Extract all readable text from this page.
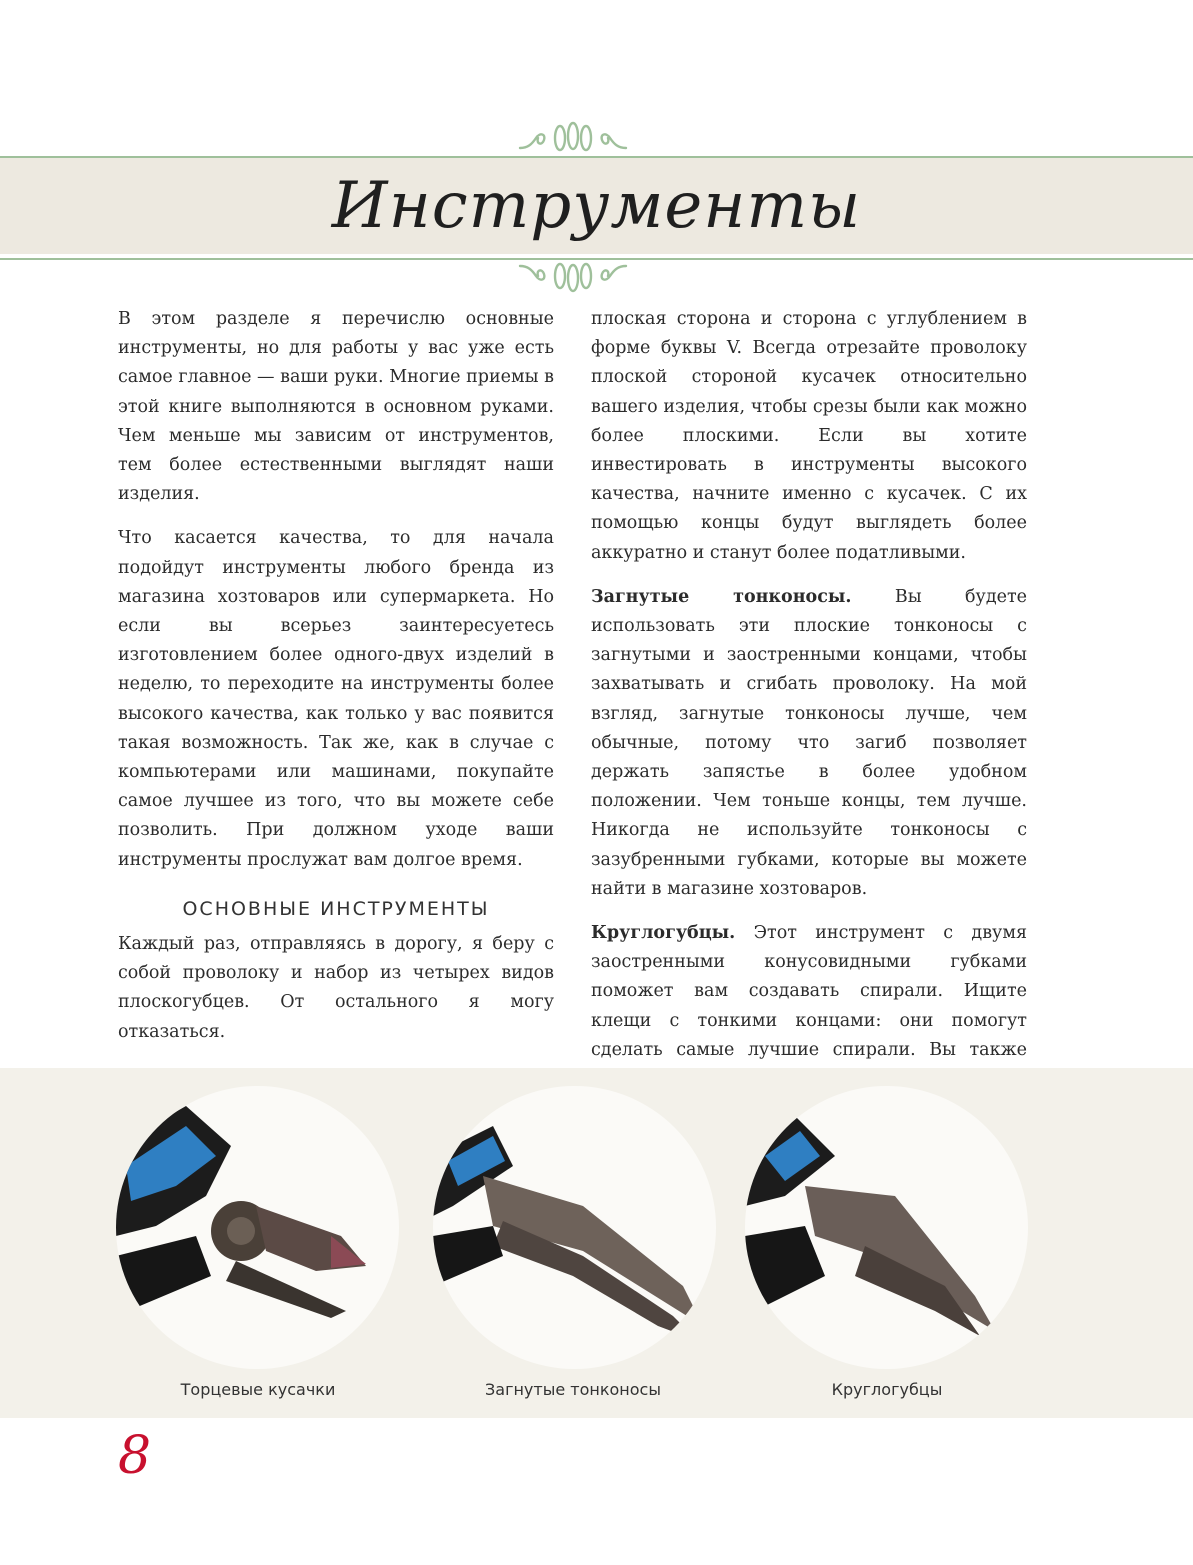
Инструменты

В этом разделе я перечислю основные инструменты, но для работы у вас уже есть самое главное — ваши руки. Многие приемы в этой книге выполняются в основном руками. Чем меньше мы зависим от инструментов, тем более естественными выглядят наши изделия.

Что касается качества, то для начала подойдут инструменты любого бренда из магазина хозтоваров или супермаркета. Но если вы всерьез заинтересуетесь изготовлением более одного-двух изделий в неделю, то переходите на инструменты более высокого качества, как только у вас появится такая возможность. Так же, как в случае с компьютерами или машинами, покупайте самое лучшее из того, что вы можете себе позволить. При должном уходе ваши инструменты прослужат вам долгое время.

ОСНОВНЫЕ ИНСТРУМЕНТЫ

Каждый раз, отправляясь в дорогу, я беру с собой проволоку и набор из четырех видов плоскогубцев. От остального я могу отказаться.

плоская сторона и сторона с углублением в форме буквы V. Всегда отрезайте проволоку плоской стороной кусачек относительно вашего изделия, чтобы срезы были как можно более плоскими. Если вы хотите инвестировать в инструменты высокого качества, начните именно с кусачек. С их помощью концы будут выглядеть более аккуратно и станут более податливыми.

Загнутые тонконосы. Вы будете использовать эти плоские тонконосы с загнутыми и заостренными концами, чтобы захватывать и сгибать проволоку. На мой взгляд, загнутые тонконосы лучше, чем обычные, потому что загиб позволяет держать запястье в более удобном положении. Чем тоньше концы, тем лучше. Никогда не используйте тонконосы с зазубренными губками, которые вы можете найти в магазине хозтоваров.

Круглогубцы. Этот инструмент с двумя заостренными конусовидными губками поможет вам создавать спирали. Ищите клещи с тонкими концами: они помогут сделать самые лучшие спирали. Вы также

Торцевые кусачки	Загнутые тонконосы	Круглогубцы
8
